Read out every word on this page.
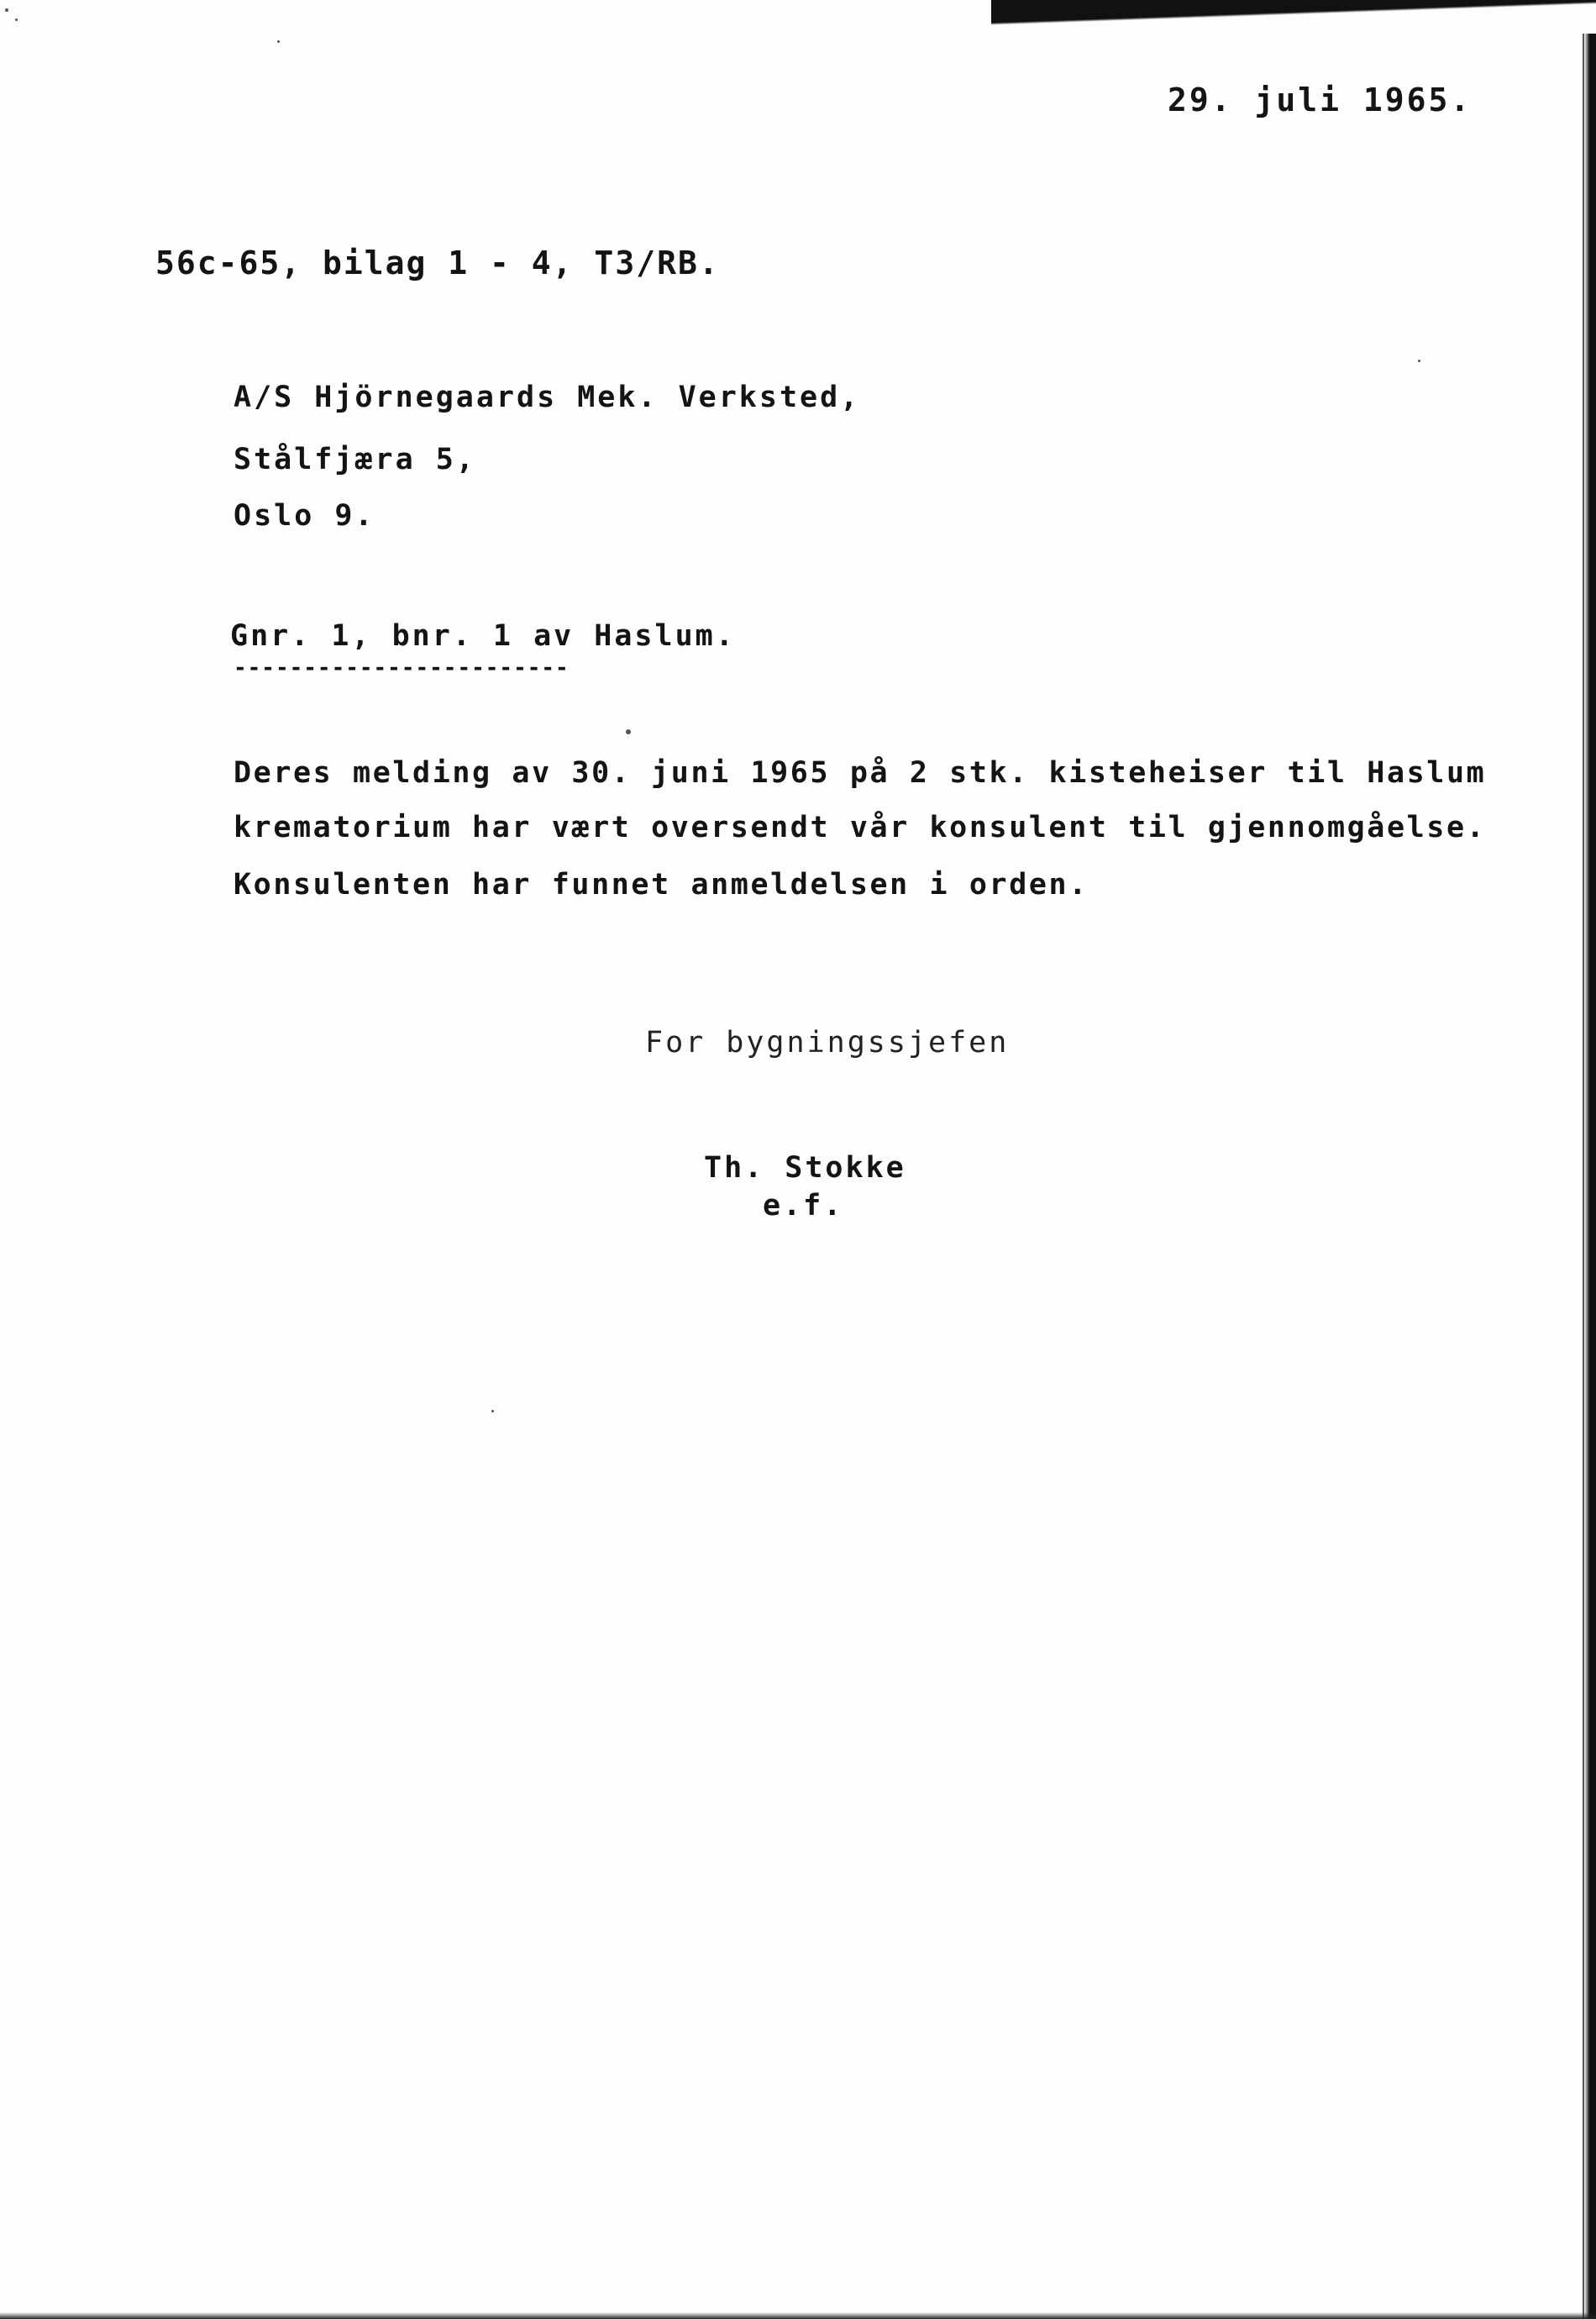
29. juli 1965.
56c-65, bilag 1 - 4, T3/RB.
A/S Hjörnegaards Mek. Verksted,
Stålfjæra 5,
Oslo 9.
Gnr. 1, bnr. 1 av Haslum.
------------------------
Deres melding av 30. juni 1965 på 2 stk. kisteheiser til Haslum
krematorium har vært oversendt vår konsulent til gjennomgåelse.
Konsulenten har funnet anmeldelsen i orden.
For bygningssjefen
Th. Stokke
e.f.
